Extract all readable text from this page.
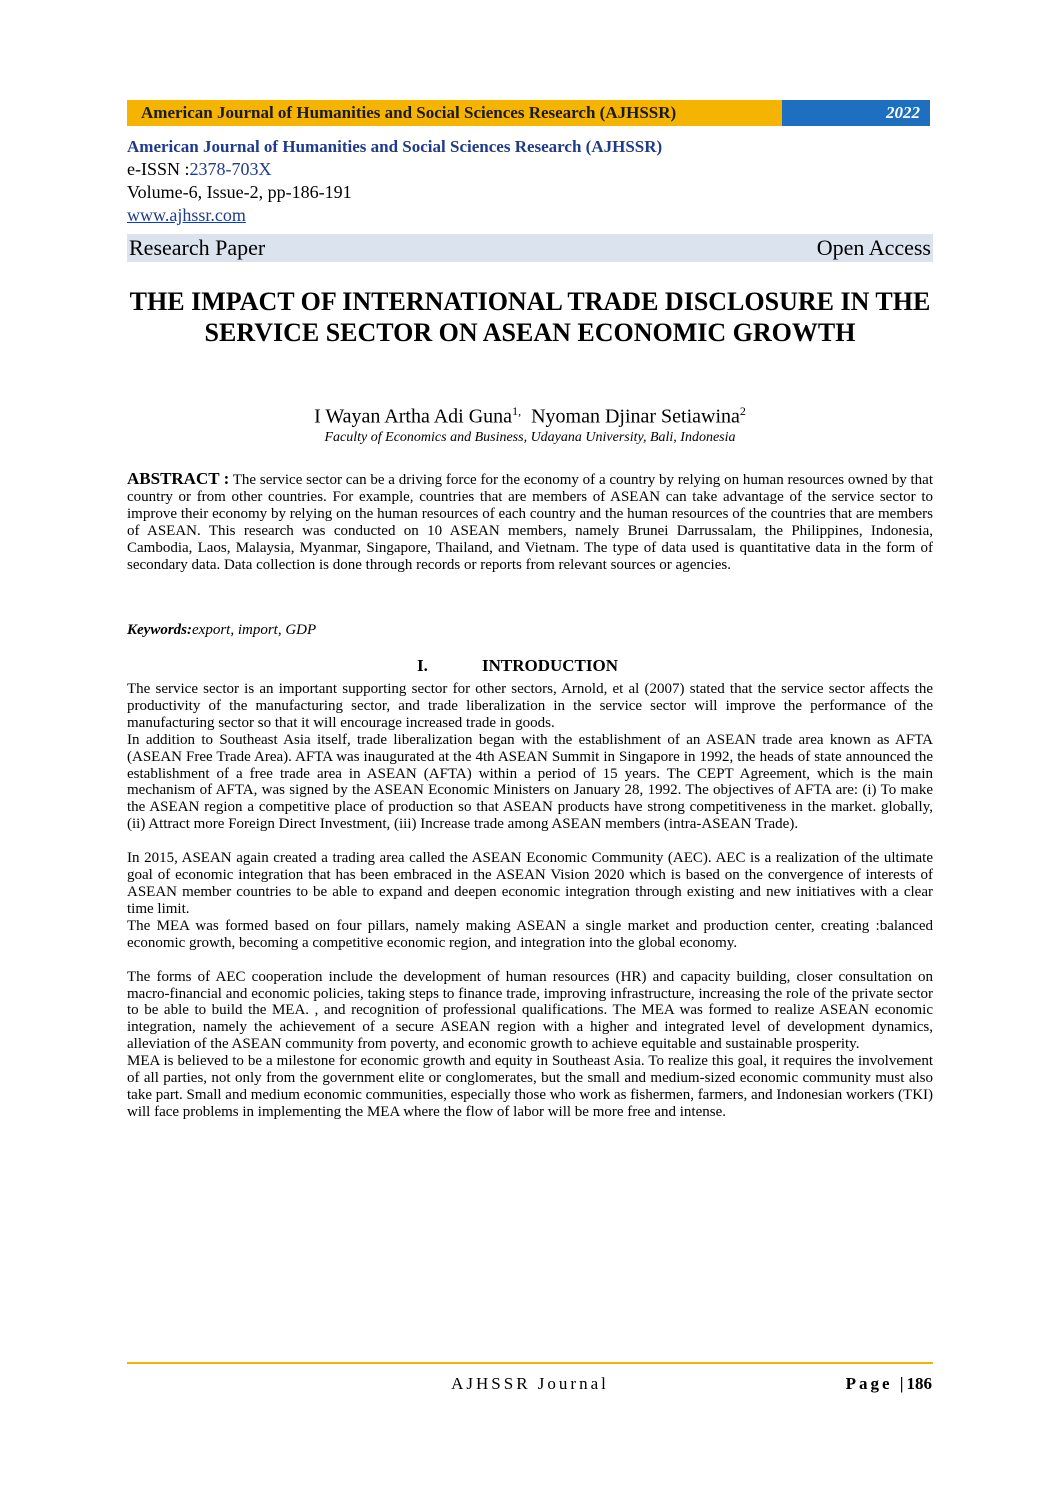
American Journal of Humanities and Social Sciences Research (AJHSSR)	2022
American Journal of Humanities and Social Sciences Research (AJHSSR)
e-ISSN :2378-703X
Volume-6, Issue-2, pp-186-191
www.ajhssr.com
Research Paper	Open Access
THE IMPACT OF INTERNATIONAL TRADE DISCLOSURE IN THE SERVICE SECTOR ON ASEAN ECONOMIC GROWTH
I Wayan Artha Adi Guna$^{1,}$ Nyoman Djinar Setiawina$^2$
Faculty of Economics and Business, Udayana University, Bali, Indonesia
ABSTRACT : The service sector can be a driving force for the economy of a country by relying on human resources owned by that country or from other countries. For example, countries that are members of ASEAN can take advantage of the service sector to improve their economy by relying on the human resources of each country and the human resources of the countries that are members of ASEAN. This research was conducted on 10 ASEAN members, namely Brunei Darrussalam, the Philippines, Indonesia, Cambodia, Laos, Malaysia, Myanmar, Singapore, Thailand, and Vietnam. The type of data used is quantitative data in the form of secondary data. Data collection is done through records or reports from relevant sources or agencies.
Keywords:export, import, GDP
I.	INTRODUCTION

The service sector is an important supporting sector for other sectors, Arnold, et al (2007) stated that the service sector affects the productivity of the manufacturing sector, and trade liberalization in the service sector will improve the performance of the manufacturing sector so that it will encourage increased trade in goods.

In addition to Southeast Asia itself, trade liberalization began with the establishment of an ASEAN trade area known as AFTA (ASEAN Free Trade Area). AFTA was inaugurated at the 4th ASEAN Summit in Singapore in 1992, the heads of state announced the establishment of a free trade area in ASEAN (AFTA) within a period of 15 years. The CEPT Agreement, which is the main mechanism of AFTA, was signed by the ASEAN Economic Ministers on January 28, 1992. The objectives of AFTA are: (i) To make the ASEAN region a competitive place of production so that ASEAN products have strong competitiveness in the market. globally, (ii) Attract more Foreign Direct Investment, (iii) Increase trade among ASEAN members (intra-ASEAN Trade).

In 2015, ASEAN again created a trading area called the ASEAN Economic Community (AEC). AEC is a realization of the ultimate goal of economic integration that has been embraced in the ASEAN Vision 2020 which is based on the convergence of interests of ASEAN member countries to be able to expand and deepen economic integration through existing and new initiatives with a clear time limit.

The MEA was formed based on four pillars, namely making ASEAN a single market and production center, creating :balanced economic growth, becoming a competitive economic region, and integration into the global economy.

The forms of AEC cooperation include the development of human resources (HR) and capacity building, closer consultation on macro-financial and economic policies, taking steps to finance trade, improving infrastructure, increasing the role of the private sector to be able to build the MEA. , and recognition of professional qualifications. The MEA was formed to realize ASEAN economic integration, namely the achievement of a secure ASEAN region with a higher and integrated level of development dynamics, alleviation of the ASEAN community from poverty, and economic growth to achieve equitable and sustainable prosperity.

MEA is believed to be a milestone for economic growth and equity in Southeast Asia. To realize this goal, it requires the involvement of all parties, not only from the government elite or conglomerates, but the small and medium-sized economic community must also take part. Small and medium economic communities, especially those who work as fishermen, farmers, and Indonesian workers (TKI) will face problems in implementing the MEA where the flow of labor will be more free and intense.

AJHSSR Journal	Page |186
